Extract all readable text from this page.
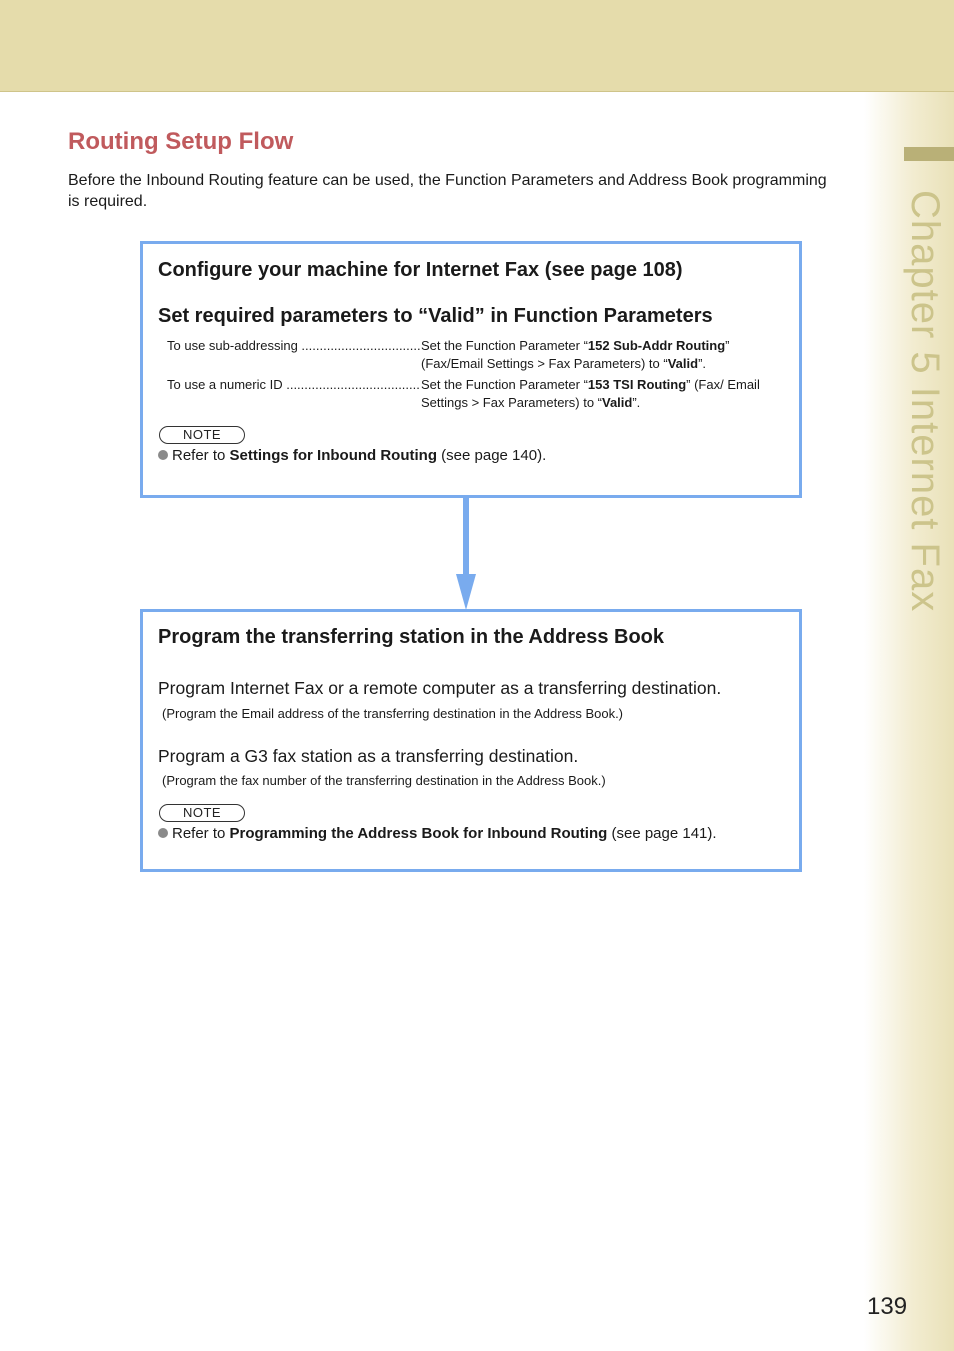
Chapter 5 Internet Fax
Routing Setup Flow

Before the Inbound Routing feature can be used, the Function Parameters and Address Book programming is required.

Configure your machine for Internet Fax (see page 108)
Set required parameters to “Valid” in Function Parameters
To use sub-addressing .....	Set the Function Parameter “152 Sub-Addr Routing” (Fax/Email Settings > Fax Parameters) to “Valid”.
To use a numeric ID .....	Set the Function Parameter “153 TSI Routing” (Fax/ Email Settings > Fax Parameters) to “Valid”.
NOTE
Refer to Settings for Inbound Routing (see page 140).
Program the transferring station in the Address Book
Program Internet Fax or a remote computer as a transferring destination.
(Program the Email address of the transferring destination in the Address Book.)
Program a G3 fax station as a transferring destination.
(Program the fax number of the transferring destination in the Address Book.)
NOTE
Refer to Programming the Address Book for Inbound Routing (see page 141).

139
